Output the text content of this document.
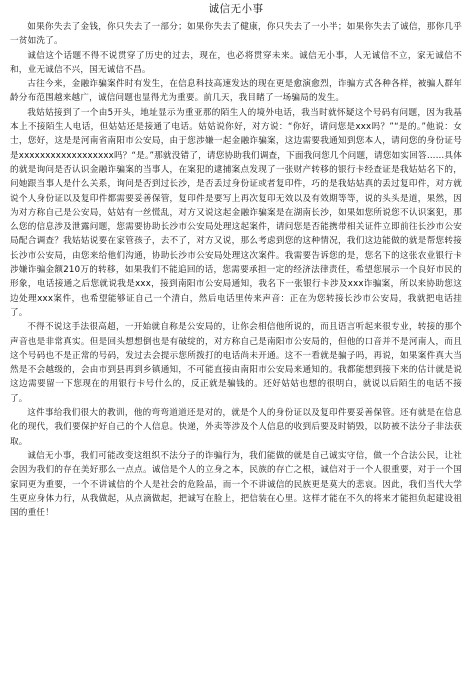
诚信无小事

如果你失去了金钱，你只失去了一部分；如果你失去了健康，你只失去了一小半；如果你失去了诚信，那你几乎一贫如洗了。

诚信这个话题不得不说贯穿了历史的过去，现在，也必将贯穿未来。诚信无小事，人无诚信不立，家无诚信不和，业无诚信不兴，国无诚信不昌。

古往今来，金融诈骗案件时有发生，在信息科技高速发达的现在更是愈演愈烈，诈骗方式各种各样，被骗人群年龄分布范围越来越广，诚信问题也显得尤为重要。前几天，我目睹了一场骗局的发生。

我姑姑接到了一个由5开头，地址显示为重亚那的陌生人的境外电话，我当时就怀疑这个号码有问题，因为我基本上不接陌生人电话，但姑姑还是接通了电话。姑姑说你好，对方说：“你好，请问您是xxx吗？”“是的。”他说：女士，您好，这是是河南省南阳市公安局，由于您涉嫌一起金融诈骗案，这边需要我通知到您本人，请问您的身份证号是xxxxxxxxxxxxxxxxxx吗？“是。”那就没错了，请您协助我们调查，下面我问您几个问题，请您如实回答……具体的就是询问是否认识金融诈骗案的当事人，在案犯的逮捕案点发现了一张财产转移的银行卡经查证是我姑姑名下的，问她跟当事人是什么关系，询问是否到过长沙，是否丢过身份证或者复印件，巧的是我姑姑真的丢过复印件，对方就说个人身份证以及复印件都需要妥善保管，复印件是要写上再次复印无效以及有效期等等，说的头头是道，果然，因为对方称自己是公安局，姑姑有一丝慌乱，对方又说这起金融诈骗案是在湖南长沙，如果如您所说您不认识案犯，那么您的信息涉及泄露问题，您需要协助长沙市公安局处理这起案件，请问您是否能携带相关证件立即前往长沙市公安局配合调查？我姑姑说要在家管孩子，去不了，对方又说，那么考虑到您的这种情况，我们这边能做的就是帮您转接长沙市公安局，由您来给他们沟通，协助长沙市公安局处理这次案件。我需要告诉您的是，您名下的这张农业银行卡涉嫌诈骗金额210万的转移，如果我们不能追回的话，您需要承担一定的经济法律责任，希望您展示一个良好市民的形象，电话接通之后您就说我是xxx，接到南阳市公安局通知，我名下一张银行卡涉及xxx诈骗案，所以来协助您这边处理xxx案件，也希望能够证自己一个清白，然后电话里传来声音：正在为您转接长沙市公安局，我就把电话挂了。

不得不说这手法很高超，一开始就自称是公安局的，让你会相信他所说的，而且语言听起来很专业，转接的那个声音也是非常真实。但是回头想想倒也是有破绽的，对方称自己是南阳市公安局的，但他的口音并不是河南人，而且这个号码也不是正常的号码，发过去会提示您所拨打的电话尚未开通。这不一看就是骗子吗，再说，如果案件真大当然是不会越级的，会由市到县再到乡镇通知，不可能直接由南阳市公安局来通知的。我都能想到接下来的估计就是说这边需要留一下您现在的用银行卡号什么的，反正就是骗钱的。还好姑姑也想的很明白，就说以后陌生的电话不接了。

这件事给我们很大的教训，他的弯弯道道还是对的，就是个人的身份证以及复印件要妥善保管。还有就是在信息化的现代，我们要保护好自己的个人信息。快递，外卖等涉及个人信息的收到后要及时销毁，以防被不法分子非法获取。

诚信无小事，我们可能改变这组织不法分子的诈骗行为，我们能做的就是自己诚实守信，做一个合法公民，让社会因为我们的存在美好那么一点点。诚信是个人的立身之本，民族的存亡之根，诚信对于一个人很重要，对于一个国家同更为重要，一个不讲诚信的个人是社会的危险品，而一个不讲诚信的民族更是莫大的悲哀。因此，我们当代大学生更应身体力行，从我做起，从点滴做起，把诚写在脸上，把信装在心里。这样才能在不久的将来才能担负起建设祖国的重任！
